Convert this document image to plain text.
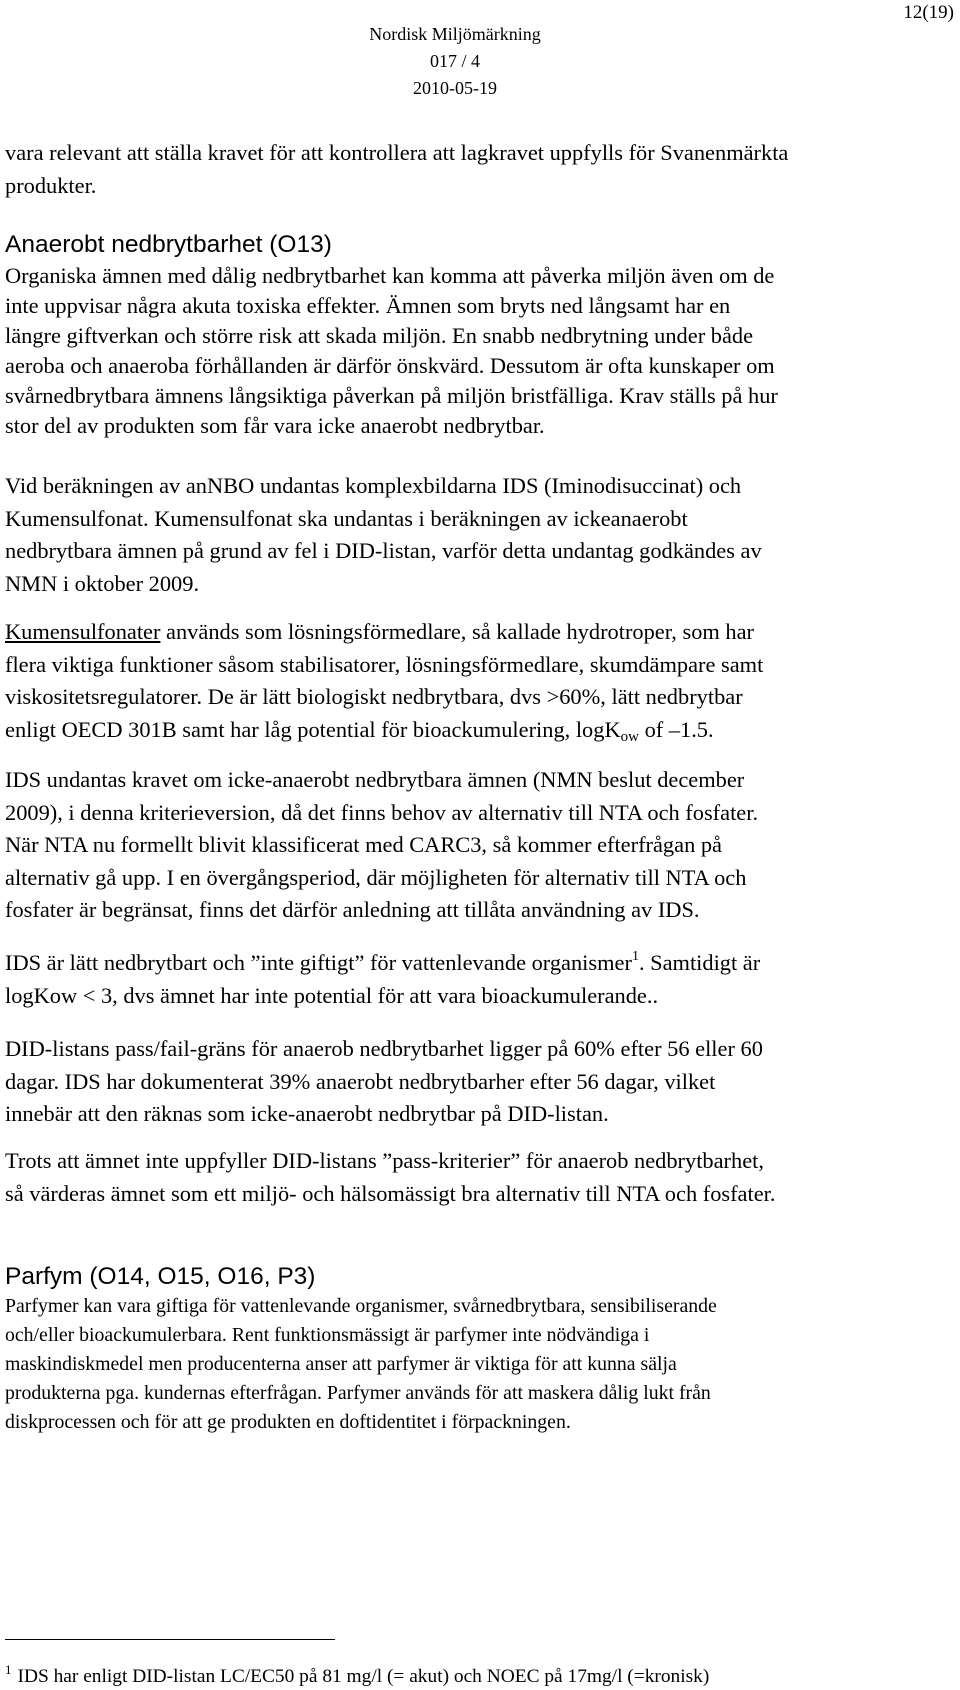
12(19)
Nordisk Miljömärkning
017 / 4
2010-05-19
vara relevant att ställa kravet för att kontrollera att lagkravet uppfylls för Svanenmärkta
produkter.
Anaerobt nedbrytbarhet (O13)
Organiska ämnen med dålig nedbrytbarhet kan komma att påverka miljön även om de
inte uppvisar några akuta toxiska effekter. Ämnen som bryts ned långsamt har en
längre giftverkan och större risk att skada miljön. En snabb nedbrytning under både
aeroba och anaeroba förhållanden är därför önskvärd. Dessutom är ofta kunskaper om
svårnedbrytbara ämnens långsiktiga påverkan på miljön bristfälliga. Krav ställs på hur
stor del av produkten som får vara icke anaerobt nedbrytbar.
Vid beräkningen av anNBO undantas komplexbildarna IDS (Iminodisuccinat) och
Kumensulfonat. Kumensulfonat ska undantas i beräkningen av ickeanaerobt
nedbrytbara ämnen på grund av fel i DID-listan, varför detta undantag godkändes av
NMN i oktober 2009.
Kumensulfonater används som lösningsförmedlare, så kallade hydrotroper, som har
flera viktiga funktioner såsom stabilisatorer, lösningsförmedlare, skumdämpare samt
viskositetsregulatorer. De är lätt biologiskt nedbrytbara, dvs >60%, lätt nedbrytbar
enligt OECD 301B samt har låg potential för bioackumulering, logK$_{ow}$ of –1.5.
IDS undantas kravet om icke-anaerobt nedbrytbara ämnen (NMN beslut december
2009), i denna kriterieversion, då det finns behov av alternativ till NTA och fosfater.
När NTA nu formellt blivit klassificerat med CARC3, så kommer efterfrågan på
alternativ gå upp. I en övergångsperiod, där möjligheten för alternativ till NTA och
fosfater är begränsat, finns det därför anledning att tillåta användning av IDS.
IDS är lätt nedbrytbart och ”inte giftigt” för vattenlevande organismer$^1$. Samtidigt är
logKow < 3, dvs ämnet har inte potential för att vara bioackumulerande..
DID-listans pass/fail-gräns för anaerob nedbrytbarhet ligger på 60% efter 56 eller 60
dagar. IDS har dokumenterat 39% anaerobt nedbrytbarher efter 56 dagar, vilket
innebär att den räknas som icke-anaerobt nedbrytbar på DID-listan.
Trots att ämnet inte uppfyller DID-listans ”pass-kriterier” för anaerob nedbrytbarhet,
så värderas ämnet som ett miljö- och hälsomässigt bra alternativ till NTA och fosfater.
Parfym (O14, O15, O16, P3)
Parfymer kan vara giftiga för vattenlevande organismer, svårnedbrytbara, sensibiliserande
och/eller bioackumulerbara. Rent funktionsmässigt är parfymer inte nödvändiga i
maskindiskmedel men producenterna anser att parfymer är viktiga för att kunna sälja
produkterna pga. kundernas efterfrågan. Parfymer används för att maskera dålig lukt från
diskprocessen och för att ge produkten en doftidentitet i förpackningen.
$^1$ IDS har enligt DID-listan LC/EC50 på 81 mg/l (= akut) och NOEC på 17mg/l (=kronisk)
